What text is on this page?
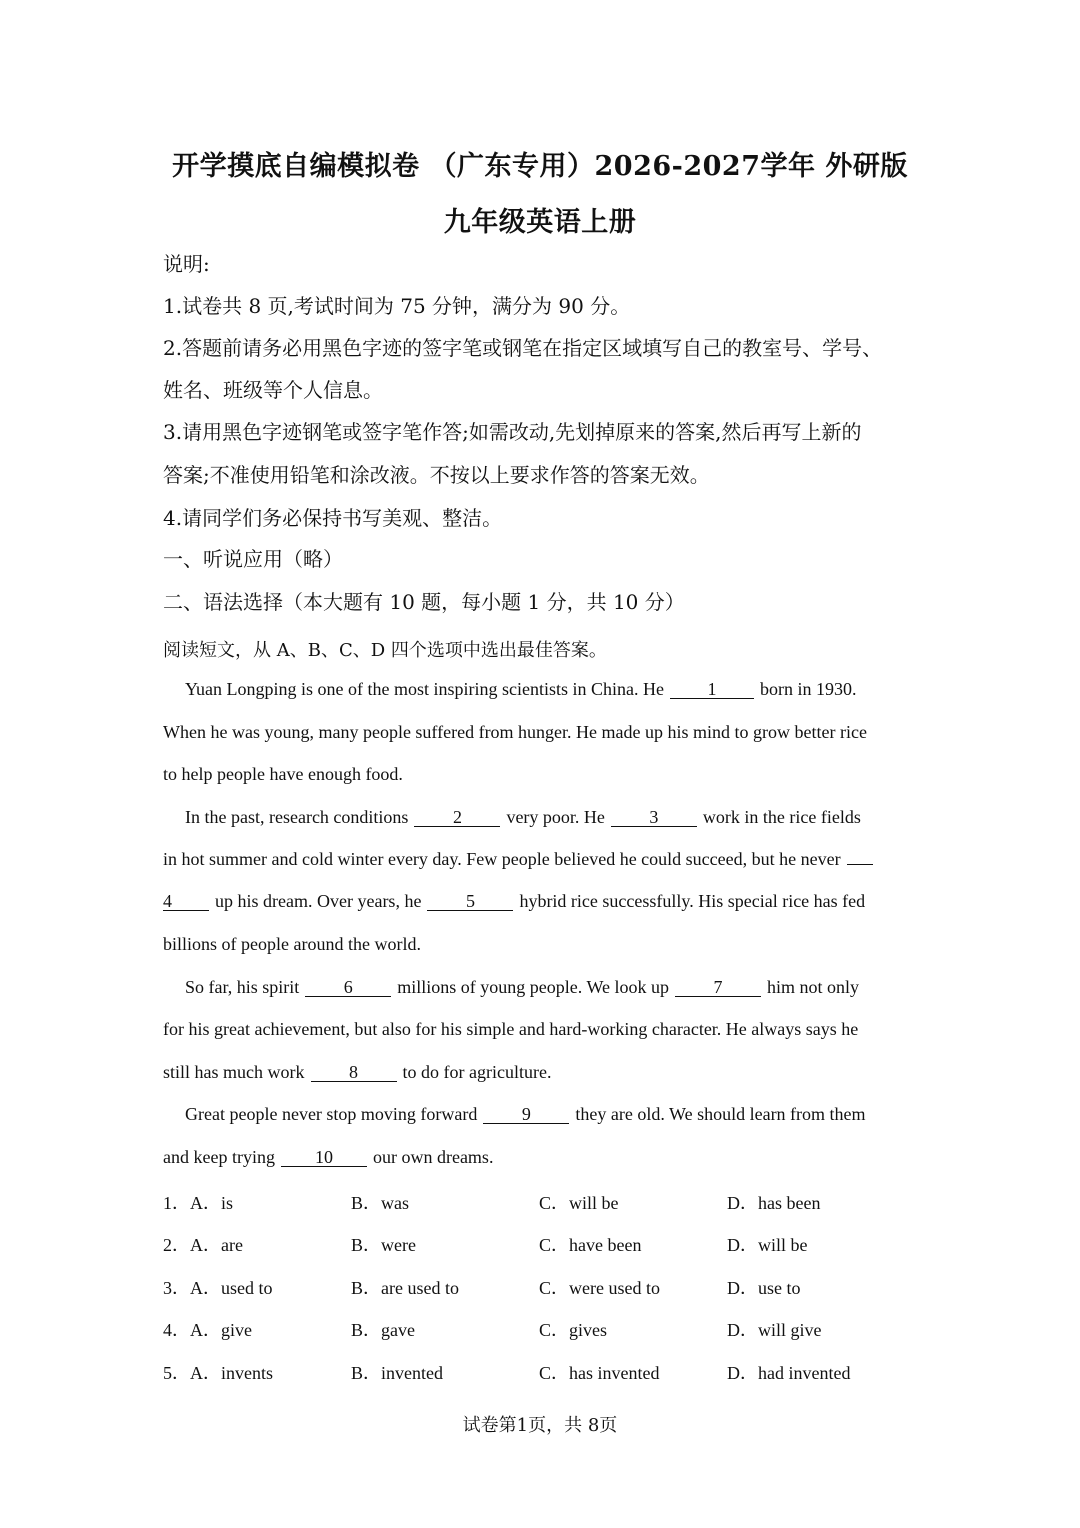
开学摸底自编模拟卷 （广东专用）2026-2027学年 外研版
九年级英语上册
说明:
1.试卷共 8 页,考试时间为 75 分钟，满分为 90 分。
2.答题前请务必用黑色字迹的签字笔或钢笔在指定区域填写自己的教室号、学号、
姓名、班级等个人信息。
3.请用黑色字迹钢笔或签字笔作答;如需改动,先划掉原来的答案,然后再写上新的
答案;不准使用铅笔和涂改液。不按以上要求作答的答案无效。
4.请同学们务必保持书写美观、整洁。
一、听说应用（略）
二、语法选择（本大题有 10 题，每小题 1 分，共 10 分）
阅读短文，从 A、B、C、D 四个选项中选出最佳答案。
Yuan Longping is one of the most inspiring scientists in China. He 1 born in 1930.
When he was young, many people suffered from hunger. He made up his mind to grow better rice
to help people have enough food.
In the past, research conditions 2 very poor. He 3 work in the rice fields
in hot summer and cold winter every day. Few people believed he could succeed, but he never
4 up his dream. Over years, he 5 hybrid rice successfully. His special rice has fed
billions of people around the world.
So far, his spirit 6 millions of young people. We look up 7 him not only
for his great achievement, but also for his simple and hard-working character. He always says he
still has much work 8 to do for agriculture.
Great people never stop moving forward 9 they are old. We should learn from them
and keep trying 10 our own dreams.
1．A．is	B．was	C．will be	D．has been
2．A．are	B．were	C．have been	D．will be
3．A．used to	B．are used to	C．were used to	D．use to
4．A．give	B．gave	C．gives	D．will give
5．A．invents	B．invented	C．has invented	D．had invented
试卷第1页，共 8页
